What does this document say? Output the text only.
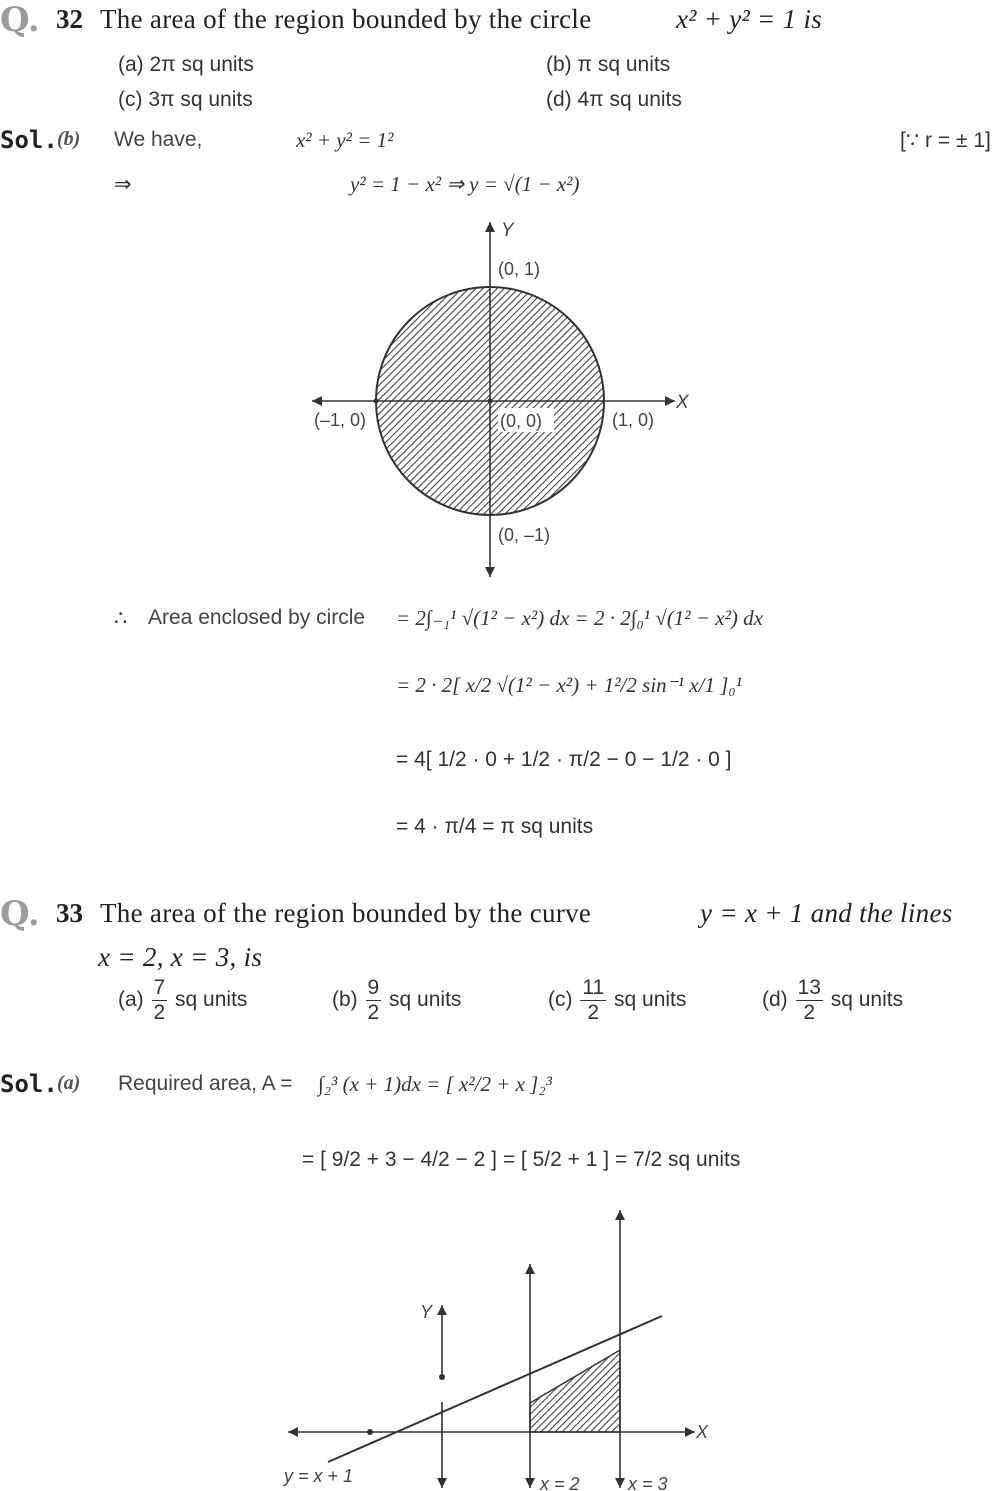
Q. 32 The area of the region bounded by the circle	x² + y² = 1 is
(a) 2π sq units	(b) π sq units
(c) 3π sq units	(d) 4π sq units
Sol. (b) We have,	x² + y² = 1²	[∵ r = ± 1]
⇒	y² = 1 − x² ⇒ y = √(1 − x²)
Y
X
(0, 1)
(–1, 0)	(0, 0)	(1, 0)
(0, –1)
∴ Area enclosed by circle = 2∫₋₁¹ √(1² − x²) dx = 2 · 2∫₀¹ √(1² − x²) dx
= 2 · 2[ x/2 √(1² − x²) + 1²/2 sin⁻¹ x/1 ]₀¹
= 4[ 1/2 · 0 + 1/2 · π/2 − 0 − 1/2 · 0 ]
= 4 · π/4 = π sq units
Q. 33 The area of the region bounded by the curve	y = x + 1 and the lines
x = 2, x = 3, is
$(a) \frac{7}{2}$ sq units	$(b) \frac{9}{2}$ sq units	$(c) \frac{11}{2}$ sq units	$(d) \frac{13}{2}$ sq units
Sol. (a) Required area, A = ∫₂³ (x + 1)dx = [ x²/2 + x ]₂³
= [ 9/2 + 3 − 4/2 − 2 ] = [ 5/2 + 1 ] = 7/2 sq units
Y
X
y = x + 1	x = 2	x = 3
